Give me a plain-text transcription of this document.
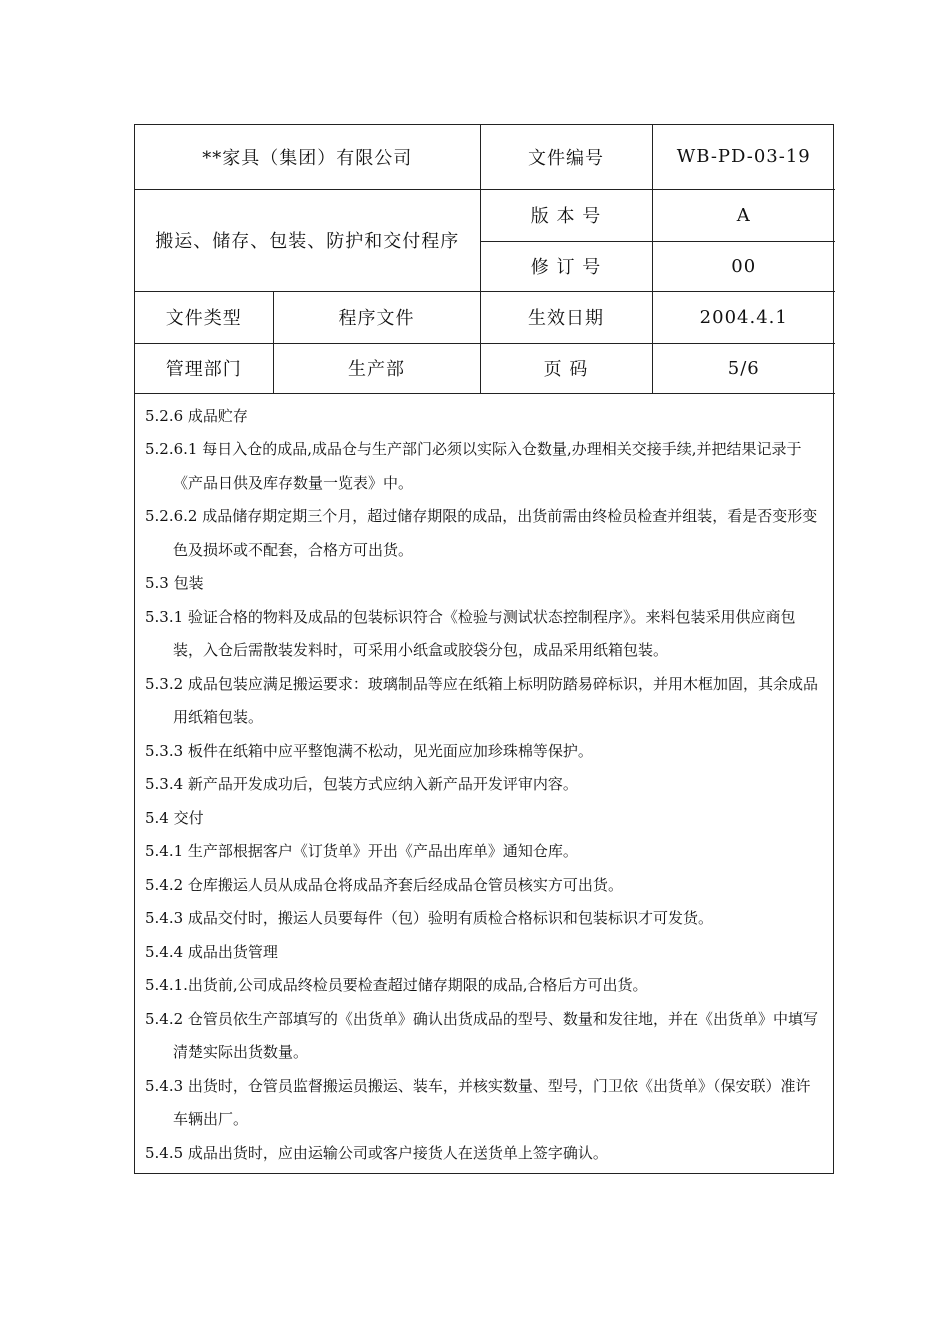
**家具（集团）有限公司		文件编号	WB-PD-03-19
搬运、储存、包装、防护和交付程序		版 本 号	A
		修 订 号	00
文件类型	程序文件	生效日期	2004.4.1
管理部门	生产部	页 码	5/6

5.2.6 成品贮存

5.2.6.1 每日入仓的成品,成品仓与生产部门必须以实际入仓数量,办理相关交接手续,并把结果记录于《产品日供及库存数量一览表》中。

5.2.6.2 成品储存期定期三个月，超过储存期限的成品，出货前需由终检员检查并组装，看是否变形变色及损坏或不配套，合格方可出货。

5.3 包装

5.3.1 验证合格的物料及成品的包装标识符合《检验与测试状态控制程序》。来料包装采用供应商包装，入仓后需散装发料时，可采用小纸盒或胶袋分包，成品采用纸箱包装。

5.3.2 成品包装应满足搬运要求：玻璃制品等应在纸箱上标明防踏易碎标识，并用木框加固，其余成品用纸箱包装。

5.3.3 板件在纸箱中应平整饱满不松动，见光面应加珍珠棉等保护。

5.3.4 新产品开发成功后，包装方式应纳入新产品开发评审内容。

5.4 交付

5.4.1 生产部根据客户《订货单》开出《产品出库单》通知仓库。

5.4.2 仓库搬运人员从成品仓将成品齐套后经成品仓管员核实方可出货。

5.4.3 成品交付时，搬运人员要每件（包）验明有质检合格标识和包装标识才可发货。

5.4.4 成品出货管理

5.4.1.出货前,公司成品终检员要检查超过储存期限的成品,合格后方可出货。

5.4.2 仓管员依生产部填写的《出货单》确认出货成品的型号、数量和发往地，并在《出货单》中填写清楚实际出货数量。

5.4.3 出货时，仓管员监督搬运员搬运、装车，并核实数量、型号，门卫依《出货单》（保安联）准许车辆出厂。

5.4.5 成品出货时，应由运输公司或客户接货人在送货单上签字确认。
